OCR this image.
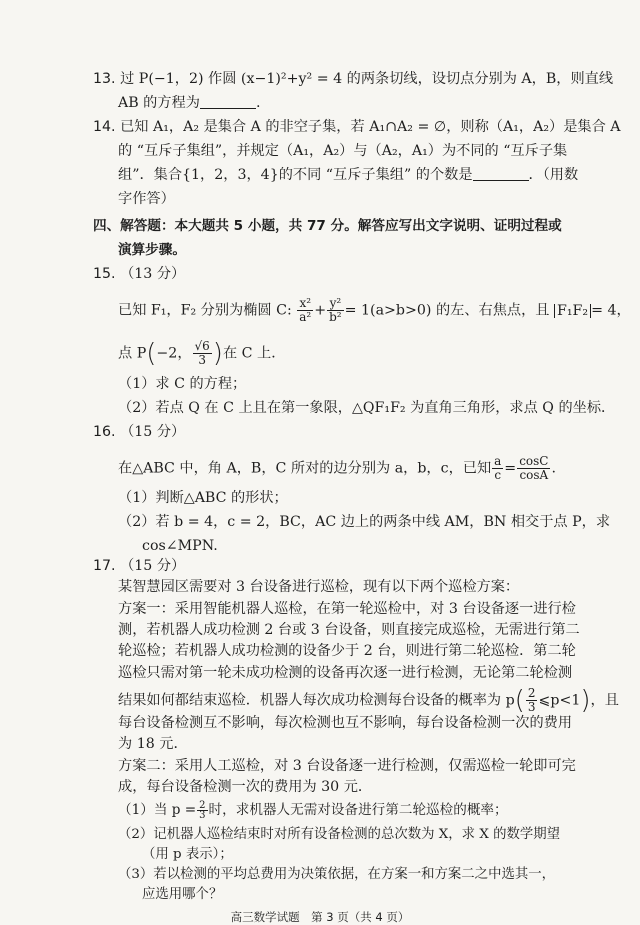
13. 过 P(−1，2) 作圆 (x−1)²+y² = 4 的两条切线，设切点分别为 A，B，则直线
AB 的方程为	.
14. 已知 A₁，A₂ 是集合 A 的非空子集，若 A₁∩A₂ = ∅，则称（A₁，A₂）是集合 A
的 “互斥子集组”，并规定（A₁，A₂）与（A₂，A₁）为不同的 “互斥子集
组”．集合{1，2，3，4}的不同 “互斥子集组” 的个数是	．（用数
字作答）
四、解答题：本大题共 5 小题，共 77 分。解答应写出文字说明、证明过程或
演算步骤。
15. （13 分）
已知 F₁，F₂ 分别为椭圆 C: $\frac{\text{x²}}{\text{a²}} + \frac{\text{y²}}{\text{b²}} = 1(a>b>0)$ 的左、右焦点，且 F₁F₂ = 4，
点 P(−2， $\frac{√6}{3}$ )在 C 上．
（1）求 C 的方程；
（2）若点 Q 在 C 上且在第一象限，△QF₁F₂ 为直角三角形，求点 Q 的坐标．
16. （15 分）
在△ABC 中，角 A，B，C 所对的边分别为 a，b，c，已知 $\frac{a}{c} = \frac{\cos C}{\cos A}$ .
（1）判断△ABC 的形状；
（2）若 b = 4，c = 2，BC，AC 边上的两条中线 AM，BN 相交于点 P，求
cos∠MPN.
17. （15 分）
某智慧园区需要对 3 台设备进行巡检，现有以下两个巡检方案：
方案一：采用智能机器人巡检，在第一轮巡检中，对 3 台设备逐一进行检
测，若机器人成功检测 2 台或 3 台设备，则直接完成巡检，无需进行第二
轮巡检；若机器人成功检测的设备少于 2 台，则进行第二轮巡检．第二轮
巡检只需对第一轮未成功检测的设备再次逐一进行检测，无论第二轮检测
结果如何都结束巡检．机器人每次成功检测每台设备的概率为 $p( \frac{2}{3}$ ⩽p<1)，且
每台设备检测互不影响，每次检测也互不影响，每台设备检测一次的费用
为 18 元．
方案二：采用人工巡检，对 3 台设备逐一进行检测，仅需巡检一轮即可完
成，每台设备检测一次的费用为 30 元．
（1）当 $p = \frac{2}{3}$ 时，求机器人无需对设备进行第二轮巡检的概率；
高三数学试题　第 3 页（共 4 页）
（2）记机器人巡检结束时对所有设备检测的总次数为 X，求 X 的数学期望
（用 p 表示）；
（3）若以检测的平均总费用为决策依据，在方案一和方案二之中选其一，
应选用哪个？
